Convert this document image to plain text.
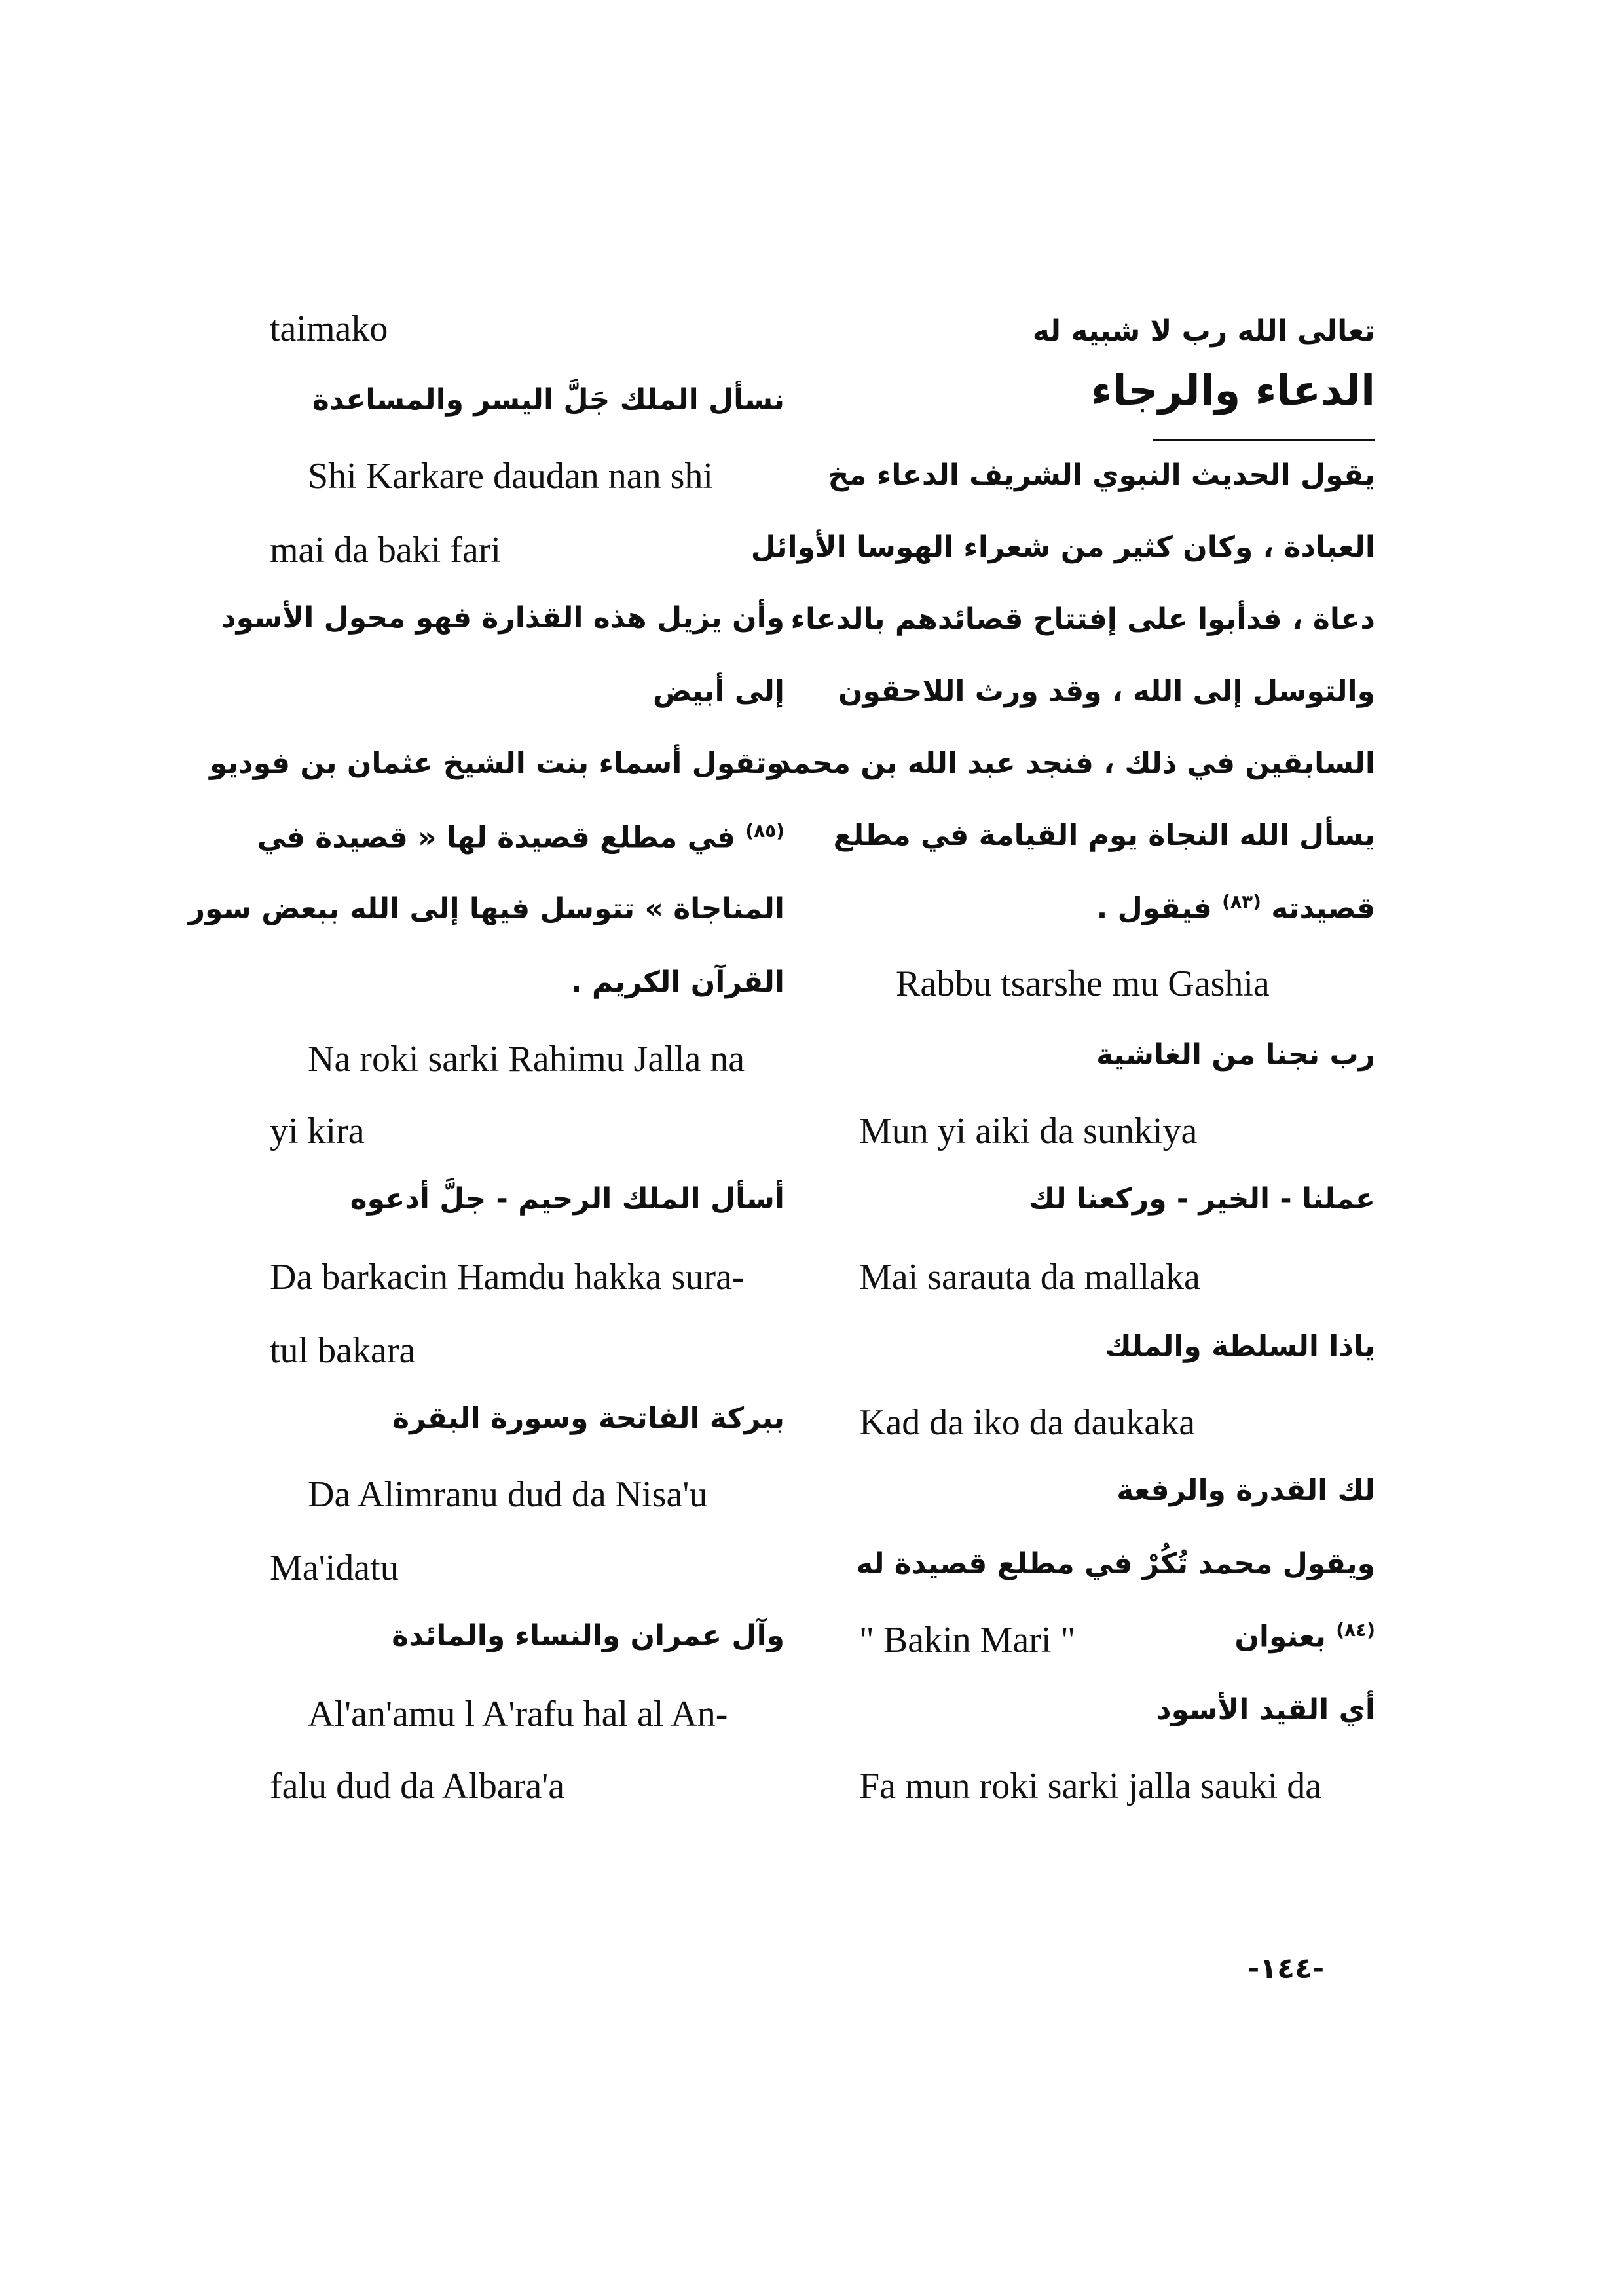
taimako
نسأل الملك جَلَّ اليسر والمساعدة
Shi Karkare daudan nan shi
mai da baki fari
وأن يزيل هذه القذارة فهو محول الأسود
إلى أبيض
وتقول أسماء بنت الشيخ عثمان بن فوديو
$^{(٨٥)}$ في مطلع قصيدة لها « قصيدة في
المناجاة » تتوسل فيها إلى الله ببعض سور
القرآن الكريم .
Na roki sarki Rahimu Jalla na
yi kira
أسأل الملك الرحيم - جلَّ أدعوه
Da barkacin Hamdu hakka sura-
tul bakara
ببركة الفاتحة وسورة البقرة
Da Alimranu dud da Nisa'u
Ma'idatu
وآل عمران والنساء والمائدة
Al'an'amu l A'rafu hal al An-
falu dud da Albara'a
تعالى الله رب لا شبيه له
الدعاء والرجاء
يقول الحديث النبوي الشريف الدعاء مخ
العبادة ، وكان كثير من شعراء الهوسا الأوائل
دعاة ، فدأبوا على إفتتاح قصائدهم بالدعاء
والتوسل إلى الله ، وقد ورث اللاحقون
السابقين في ذلك ، فنجد عبد الله بن محمد
يسأل الله النجاة يوم القيامة في مطلع
قصيدته $^{(٨٣)}$ فيقول .
Rabbu tsarshe mu Gashia
رب نجنا من الغاشية
Mun yi aiki da sunkiya
عملنا - الخير - وركعنا لك
Mai sarauta da mallaka
ياذا السلطة والملك
Kad da iko da daukaka
لك القدرة والرفعة
ويقول محمد تُكُرْ في مطلع قصيدة له
" Bakin Mari "	$^{(٨٤)}$ بعنوان
أي القيد الأسود
Fa mun roki sarki jalla sauki da
-١٤٤-
